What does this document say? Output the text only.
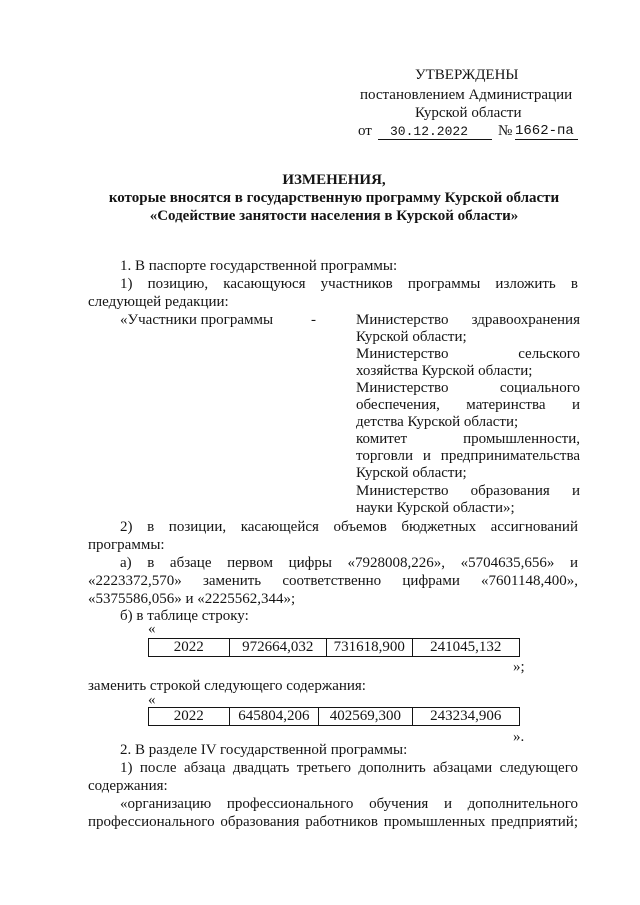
УТВЕРЖДЕНЫ
постановлением Администрации
Курской области
от	30.12.2022	№ 1662-па
ИЗМЕНЕНИЯ,
которые вносятся в государственную программу Курской области
«Содействие занятости населения в Курской области»
1. В паспорте государственной программы:
1) позицию, касающуюся участников программы изложить в
следующей редакции:
«Участники программы	-	Министерство здравоохранения
Курской области;
Министерство сельского
хозяйства Курской области;
Министерство социального
обеспечения, материнства и
детства Курской области;
комитет промышленности,
торговли и предпринимательства
Курской области;
Министерство образования и
науки Курской области»;
2) в позиции, касающейся объемов бюджетных ассигнований
программы:
а) в абзаце первом цифры «7928008,226», «5704635,656» и
«2223372,570» заменить соответственно цифрами «7601148,400»,
«5375586,056» и «2225562,344»;
б) в таблице строку:
«
2022	972664,032	731618,900	241045,132
»;
заменить строкой следующего содержания:
«
2022	645804,206	402569,300	243234,906
».
2. В разделе IV государственной программы:
1) после абзаца двадцать третьего дополнить абзацами следующего
содержания:
«организацию профессионального обучения и дополнительного
профессионального образования работников промышленных предприятий;
